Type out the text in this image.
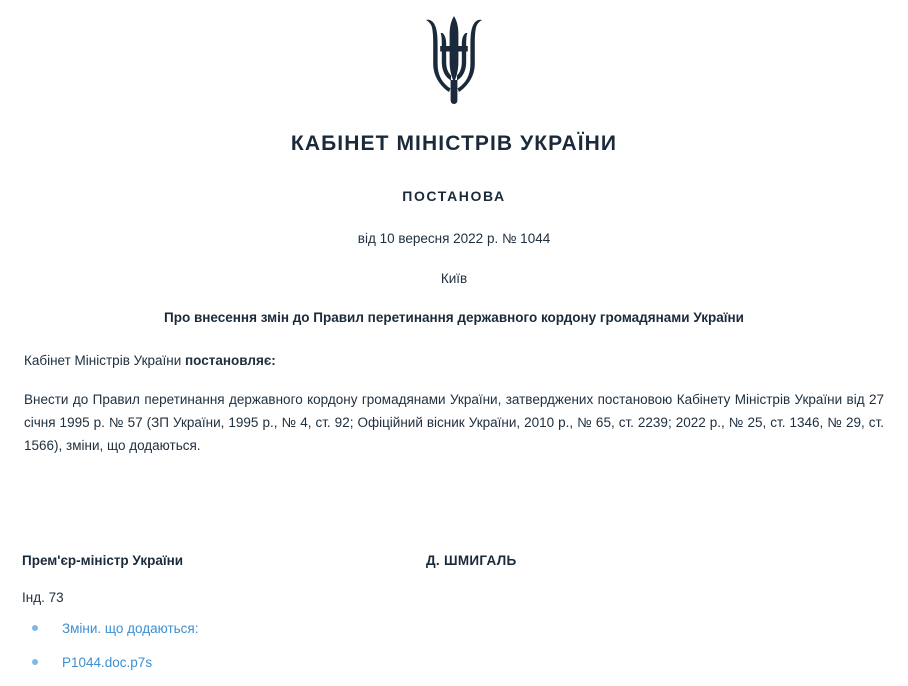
КАБІНЕТ МІНІСТРІВ УКРАЇНИ
ПОСТАНОВА
від 10 вересня 2022 р. № 1044
Київ
Про внесення змін до Правил перетинання державного кордону громадянами України

Кабінет Міністрів України постановляє:

Внести до Правил перетинання державного кордону громадянами України, затверджених постановою Кабінету Міністрів України від 27 січня 1995 р. № 57 (ЗП України, 1995 р., № 4, ст. 92; Офіційний вісник України, 2010 р., № 65, ст. 2239; 2022 р., № 25, ст. 1346, № 29, ст. 1566), зміни, що додаються.

Прем'єр-міністр України	Д. ШМИГАЛЬ
Інд. 73
Зміни. що додаються:
P1044.doc.p7s
